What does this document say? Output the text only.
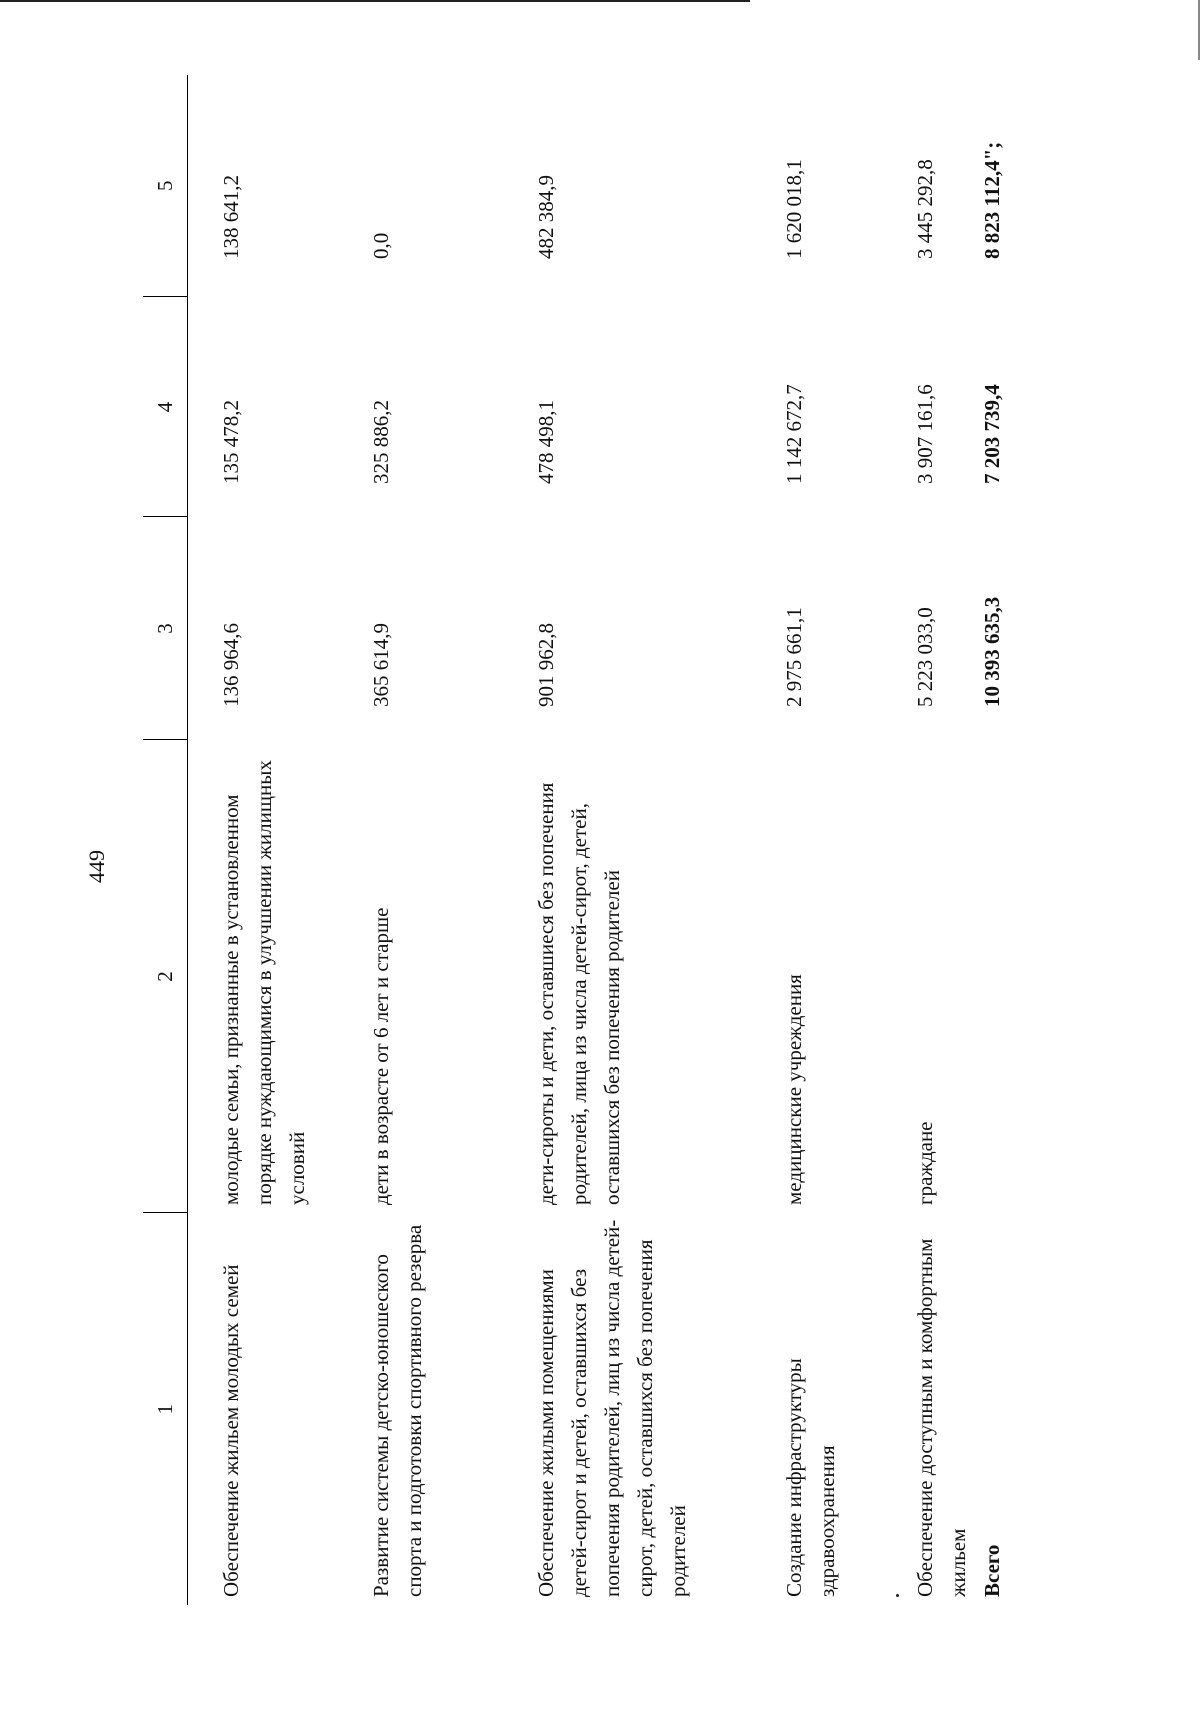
449
1	2	3	4	5
Обеспечение жильем молодых семей	молодые семьи, признанные в установленном порядке нуждающимися в улучшении жилищных условий	136 964,6	135 478,2	138 641,2
Развитие системы детско-юношеского спорта и подготовки спортивного резерва	дети в возрасте от 6 лет и старше	365 614,9	325 886,2	0,0
Обеспечение жилыми помещениями детей-сирот и детей, оставшихся без попечения родителей, лиц из числа детей-сирот, детей, оставшихся без попечения родителей	дети-сироты и дети, оставшиеся без попечения родителей, лица из числа детей-сирот, детей, оставшихся без попечения родителей	901 962,8	478 498,1	482 384,9
Создание инфраструктуры здравоохранения	медицинские учреждения	2 975 661,1	1 142 672,7	1 620 018,1

Обеспечение доступным и комфортным жильем	граждане	5 223 033,0	3 907 161,6	3 445 292,8
Всего		10 393 635,3	7 203 739,4	8 823 112,4";
